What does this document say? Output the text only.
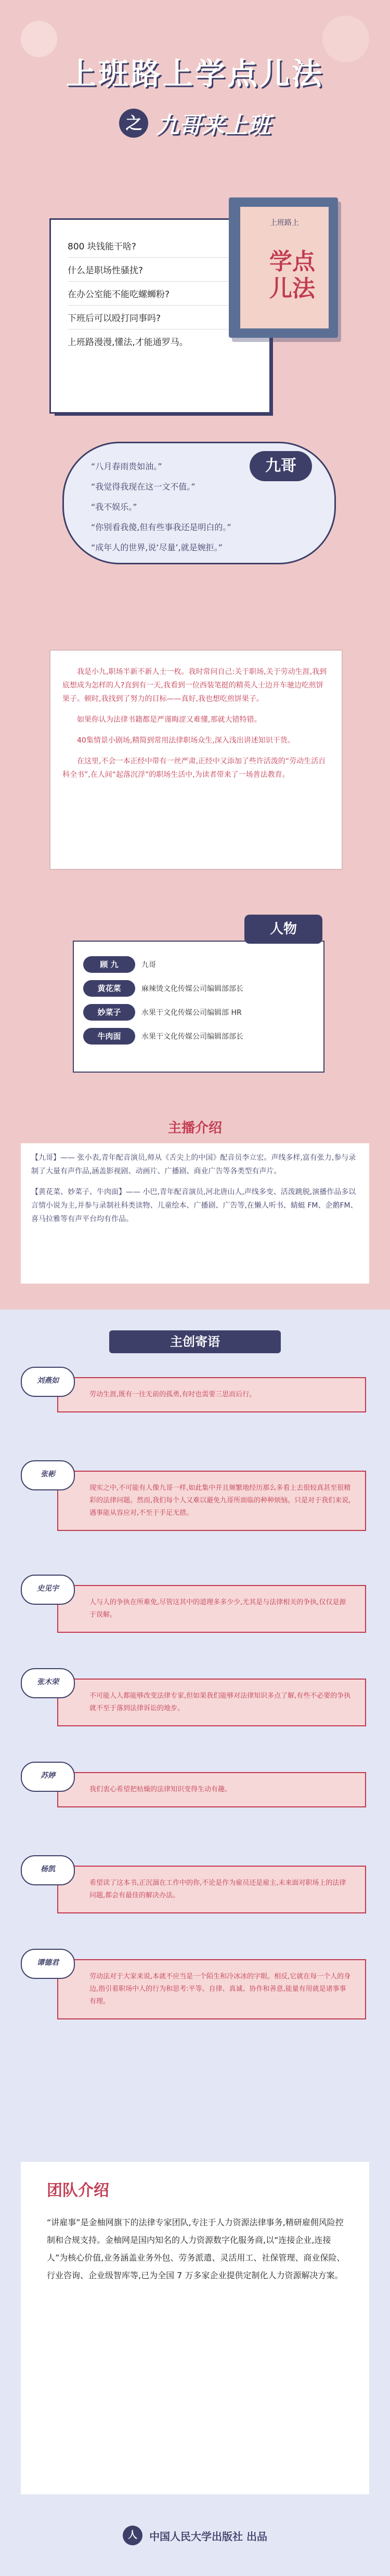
上班路上学点儿法
之 九哥来上班
800 块钱能干啥?
什么是职场性骚扰?
在办公室能不能吃螺蛳粉?
下班后可以殴打同事吗?
上班路漫漫,懂法,才能通罗马。
上班路上
学点儿法
九哥
“八月春雨贵如油。”
“我觉得我现在这一文不值。”
“我不娱乐。”
“你别看我傻,但有些事我还是明白的。”
“成年人的世界,说‘尽量’,就是婉拒。”

我是小九,职场半新不新人士一枚。我时常问自己:关于职场,关于劳动生涯,我到底想成为怎样的人?直到有一天,我看到一位西装笔挺的精英人士边开车驰边吃煎饼果子。顿时,我找到了努力的目标——真好,我也想吃煎饼果子。

如果你认为法律书籍都是严谨晦涩又难懂,那就大错特错。

40集情景小剧场,精简到常用法律职场众生,深入浅出讲述知识干货。

在这里,不会一本正经中带有一丝严肃,正经中又添加了些许活泼的“劳动生活百科全书”,在人间“起落沉浮”的职场生活中,为读者带来了一场普法教育。

人物
顾 九	九哥
黄花菜	麻辣烫文化传媒公司编辑部部长
妙菜子	水果干文化传媒公司编辑部 HR
牛肉面	水果干文化传媒公司编辑部部长
主播介绍

【九哥】—— 张小表,青年配音演员,师从《舌尖上的中国》配音员李立宏。声线多样,富有张力,参与录制了大量有声作品,涵盖影视剧、动画片、广播剧、商业广告等各类型有声片。

【黄花菜、妙菜子、牛肉面】—— 小巴,青年配音演员,河北唐山人,声线多变、活泼跳脱,演播作品多以言情小说为主,并参与录制社科类读物、儿童绘本、广播剧、广告等,在懒人听书、蜻蜓 FM、企鹅FM、喜马拉雅等有声平台均有作品。

主创寄语
劳动生涯,既有一往无前的孤勇,有时也需要三思而后行。
刘燕如
现实之中,不可能有人像九哥一样,如此集中并且频繁地经历那么多看上去很较真甚至很精彩的法律问题。然而,我们每个人又难以避免九哥所面临的种种烦恼。只是对于我们来说,遇事能从容应对,不至于手足无措。
张彬
人与人的争执在所难免,尽管这其中的道理多多少少,尤其是与法律相关的争执,仅仅是源于误解。
史见宇
不可能人人都能够改变法律专家,但如果我们能够对法律知识多点了解,有些不必要的争执就不至于落到法律诉讼的地步。
张木荣
我们衷心希望把枯燥的法律知识变得生动有趣。
苏婷
希望读了这本书,正沉湎在工作中的你,不论是作为雇员还是雇主,未来面对职场上的法律问题,都会有最佳的解决办法。
杨凯
劳动法对于大家来说,本就不应当是一个陌生和冷冰冰的字眼。相反,它就在每一个人的身边,指引着职场中人的行为和思考:平等、自律、真诚、协作和善意,能量有用就是诸事事有理。
谭德君
团队介绍
“讲雇事”是金柚网旗下的法律专家团队,专注于人力资源法律事务,精研雇佣风险控制和合规支持。金柚网是国内知名的人力资源数字化服务商,以“连接企业,连接人”为核心价值,业务涵盖业务外包、劳务派遣、灵活用工、社保管理、商业保险、行业咨询、企业级智库等,已为全国 7 万多家企业提供定制化人力资源解决方案。
人 中国人民大学出版社 出品
